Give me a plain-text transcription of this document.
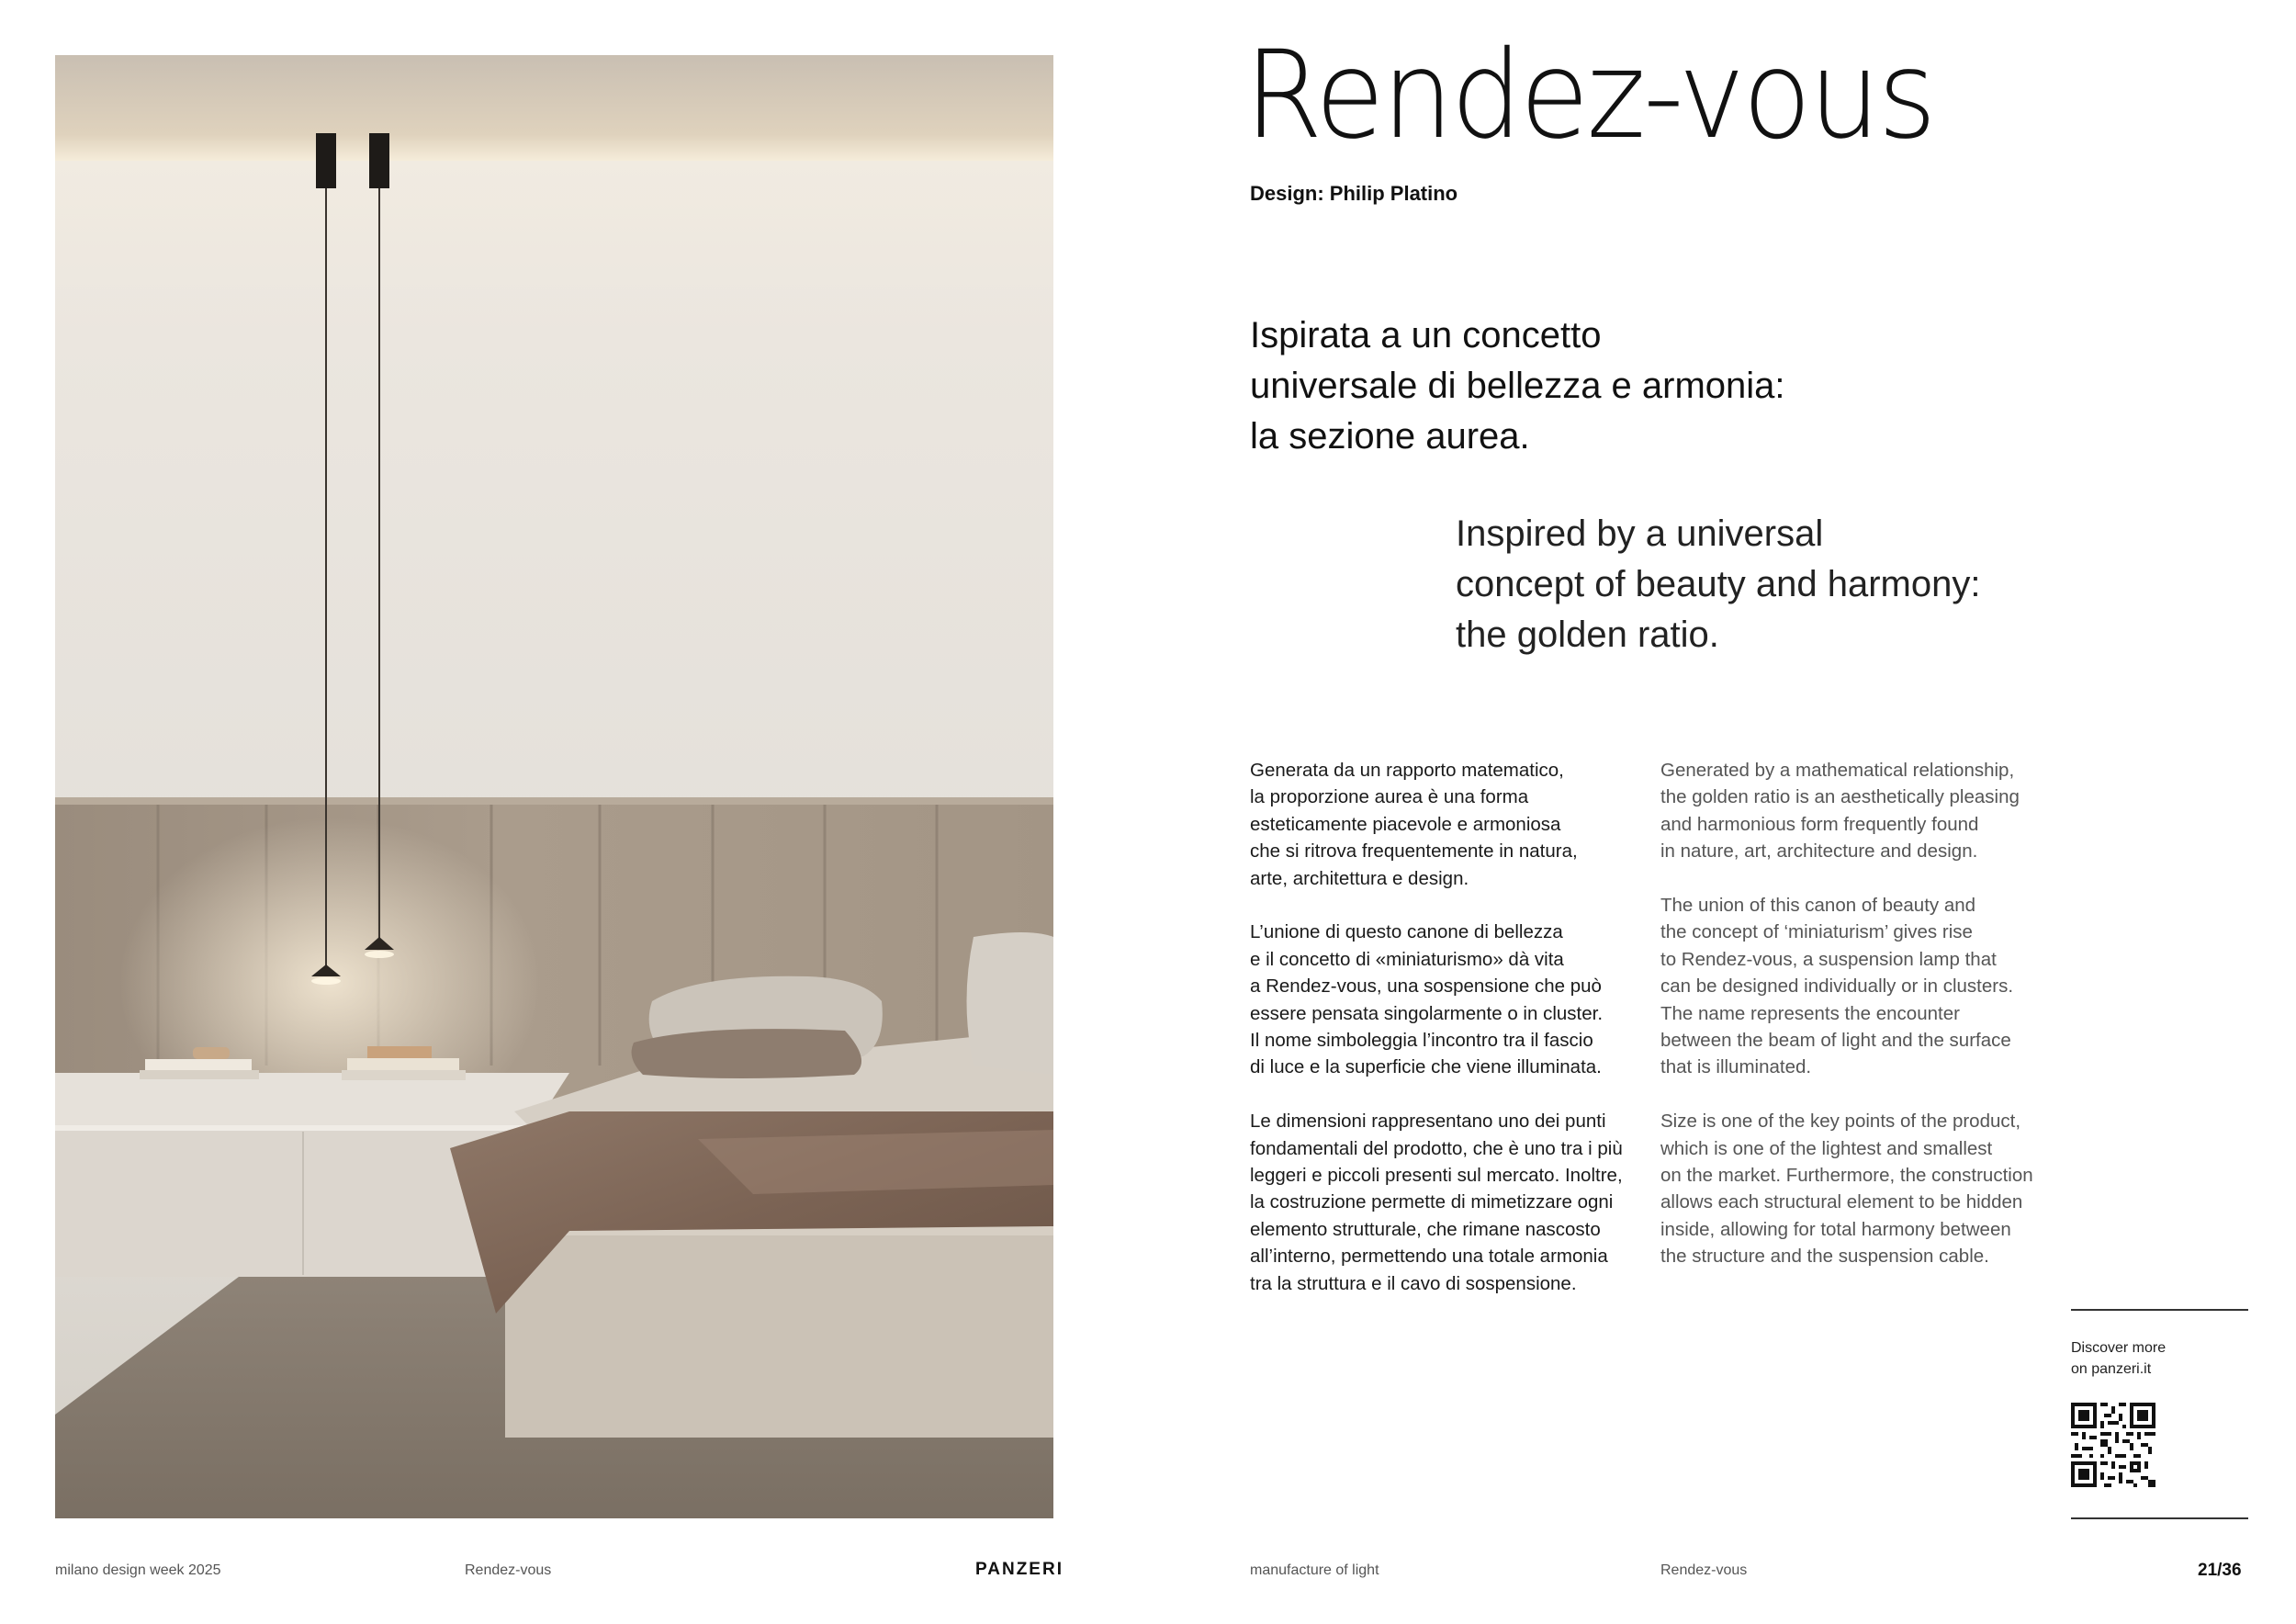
Rendez-vous
Design: Philip Platino
Ispirata a un concetto
universale di bellezza e armonia:
la sezione aurea.
Inspired by a universal
concept of beauty and harmony:
the golden ratio.

Generata da un rapporto matematico,
la proporzione aurea è una forma
esteticamente piacevole e armoniosa
che si ritrova frequentemente in natura,
arte, architettura e design.

L’unione di questo canone di bellezza
e il concetto di «miniaturismo» dà vita
a Rendez-vous, una sospensione che può
essere pensata singolarmente o in cluster.
Il nome simboleggia l’incontro tra il fascio
di luce e la superficie che viene illuminata.

Le dimensioni rappresentano uno dei punti
fondamentali del prodotto, che è uno tra i più
leggeri e piccoli presenti sul mercato. Inoltre,
la costruzione permette di mimetizzare ogni
elemento strutturale, che rimane nascosto
all’interno, permettendo una totale armonia
tra la struttura e il cavo di sospensione.

Generated by a mathematical relationship,
the golden ratio is an aesthetically pleasing
and harmonious form frequently found
in nature, art, architecture and design.

The union of this canon of beauty and
the concept of ‘miniaturism’ gives rise
to Rendez-vous, a suspension lamp that
can be designed individually or in clusters.
The name represents the encounter
between the beam of light and the surface
that is illuminated.

Size is one of the key points of the product,
which is one of the lightest and smallest
on the market. Furthermore, the construction
allows each structural element to be hidden
inside, allowing for total harmony between
the structure and the suspension cable.

Discover more
on panzeri.it
milano design week 2025	Rendez-vous	PANZERI	manufacture of light	Rendez-vous	21/36
